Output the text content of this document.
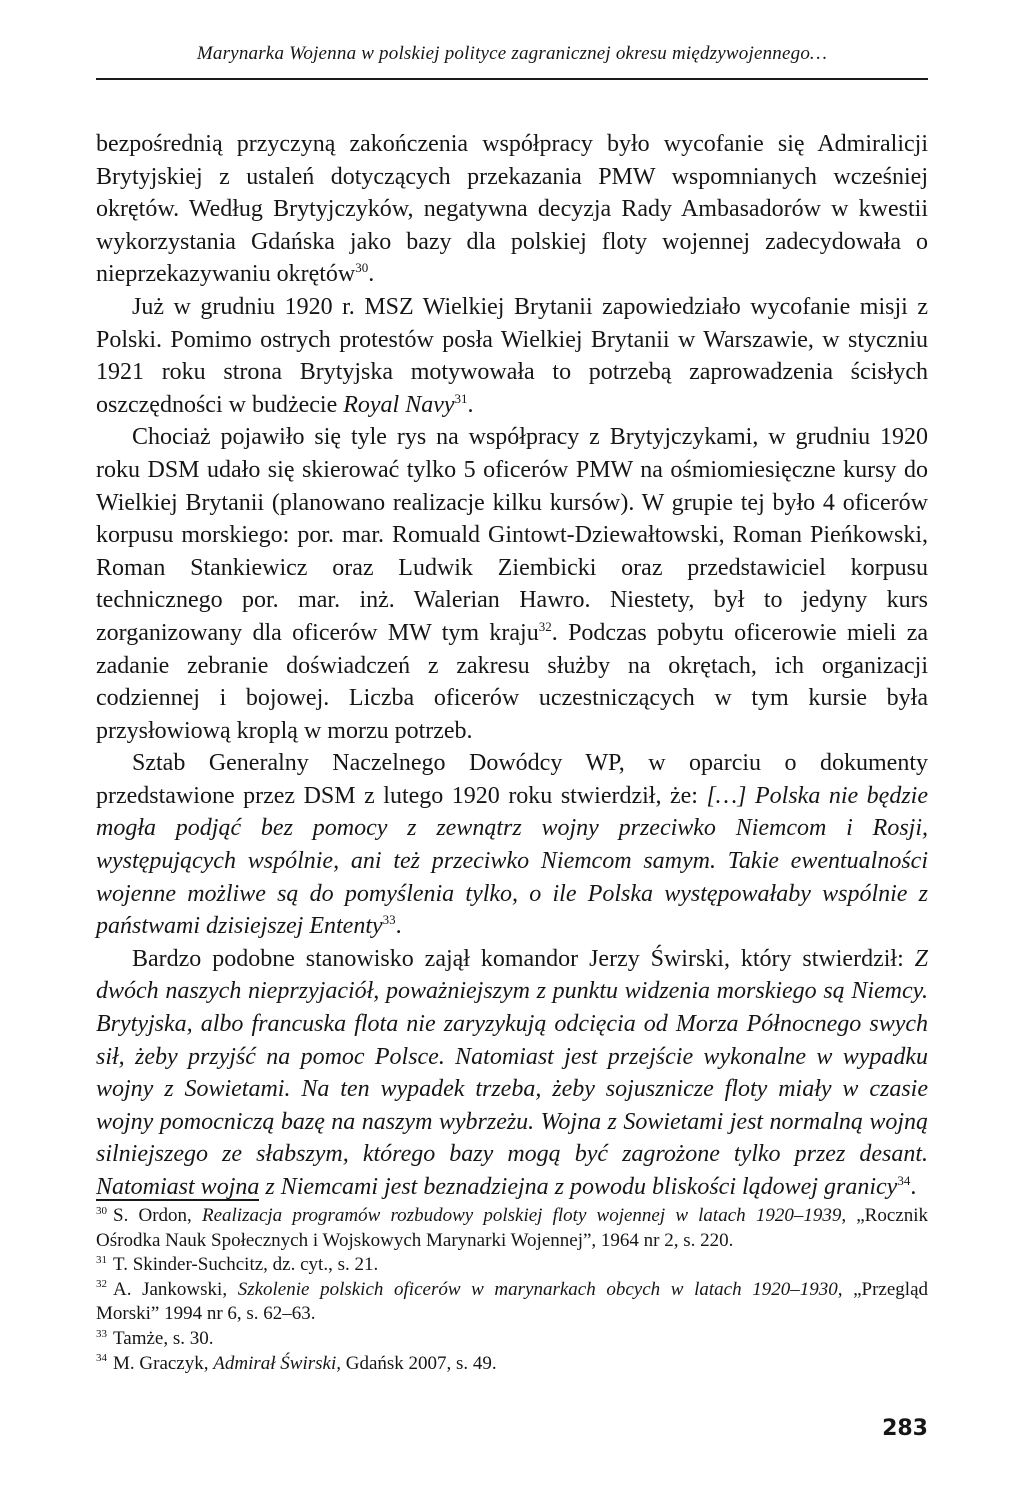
Marynarka Wojenna w polskiej polityce zagranicznej okresu międzywojennego…

bezpośrednią przyczyną zakończenia współpracy było wycofanie się Admiralicji Brytyjskiej z ustaleń dotyczących przekazania PMW wspomnianych wcześniej okrętów. Według Brytyjczyków, negatywna decyzja Rady Ambasadorów w kwestii wykorzystania Gdańska jako bazy dla polskiej floty wojennej zadecydowała o nieprzekazywaniu okrętów$^{30}$.

Już w grudniu 1920 r. MSZ Wielkiej Brytanii zapowiedziało wycofanie misji z Polski. Pomimo ostrych protestów posła Wielkiej Brytanii w Warszawie, w styczniu 1921 roku strona Brytyjska motywowała to potrzebą zaprowadzenia ścisłych oszczędności w budżecie Royal Navy$^{31}$.

Chociaż pojawiło się tyle rys na współpracy z Brytyjczykami, w grudniu 1920 roku DSM udało się skierować tylko 5 oficerów PMW na ośmiomiesięczne kursy do Wielkiej Brytanii (planowano realizacje kilku kursów). W grupie tej było 4 oficerów korpusu morskiego: por. mar. Romuald Gintowt-Dziewałtowski, Roman Pieńkowski, Roman Stankiewicz oraz Ludwik Ziembicki oraz przedstawiciel korpusu technicznego por. mar. inż. Walerian Hawro. Niestety, był to jedyny kurs zorganizowany dla oficerów MW tym kraju$^{32}$. Podczas pobytu oficerowie mieli za zadanie zebranie doświadczeń z zakresu służby na okrętach, ich organizacji codziennej i bojowej. Liczba oficerów uczestniczących w tym kursie była przysłowiową kroplą w morzu potrzeb.

Sztab Generalny Naczelnego Dowódcy WP, w oparciu o dokumenty przedstawione przez DSM z lutego 1920 roku stwierdził, że: […] Polska nie będzie mogła podjąć bez pomocy z zewnątrz wojny przeciwko Niemcom i Rosji, występujących wspólnie, ani też przeciwko Niemcom samym. Takie ewentualności wojenne możliwe są do pomyślenia tylko, o ile Polska występowałaby wspólnie z państwami dzisiejszej Ententy$^{33}$.

Bardzo podobne stanowisko zajął komandor Jerzy Świrski, który stwierdził: Z dwóch naszych nieprzyjaciół, poważniejszym z punktu widzenia morskiego są Niemcy. Brytyjska, albo francuska flota nie zaryzykują odcięcia od Morza Północnego swych sił, żeby przyjść na pomoc Polsce. Natomiast jest przejście wykonalne w wypadku wojny z Sowietami. Na ten wypadek trzeba, żeby sojusznicze floty miały w czasie wojny pomocniczą bazę na naszym wybrzeżu. Wojna z Sowietami jest normalną wojną silniejszego ze słabszym, którego bazy mogą być zagrożone tylko przez desant. Natomiast wojna z Niemcami jest beznadziejna z powodu bliskości lądowej granicy$^{34}$.

$^{30}$ S. Ordon, Realizacja programów rozbudowy polskiej floty wojennej w latach 1920–1939, „Rocznik Ośrodka Nauk Społecznych i Wojskowych Marynarki Wojennej”, 1964 nr 2, s. 220.

$^{31}$ T. Skinder-Suchcitz, dz. cyt., s. 21.

$^{32}$ A. Jankowski, Szkolenie polskich oficerów w marynarkach obcych w latach 1920–1930, „Przegląd Morski” 1994 nr 6, s. 62–63.

$^{33}$ Tamże, s. 30.

$^{34}$ M. Graczyk, Admirał Świrski, Gdańsk 2007, s. 49.

283
